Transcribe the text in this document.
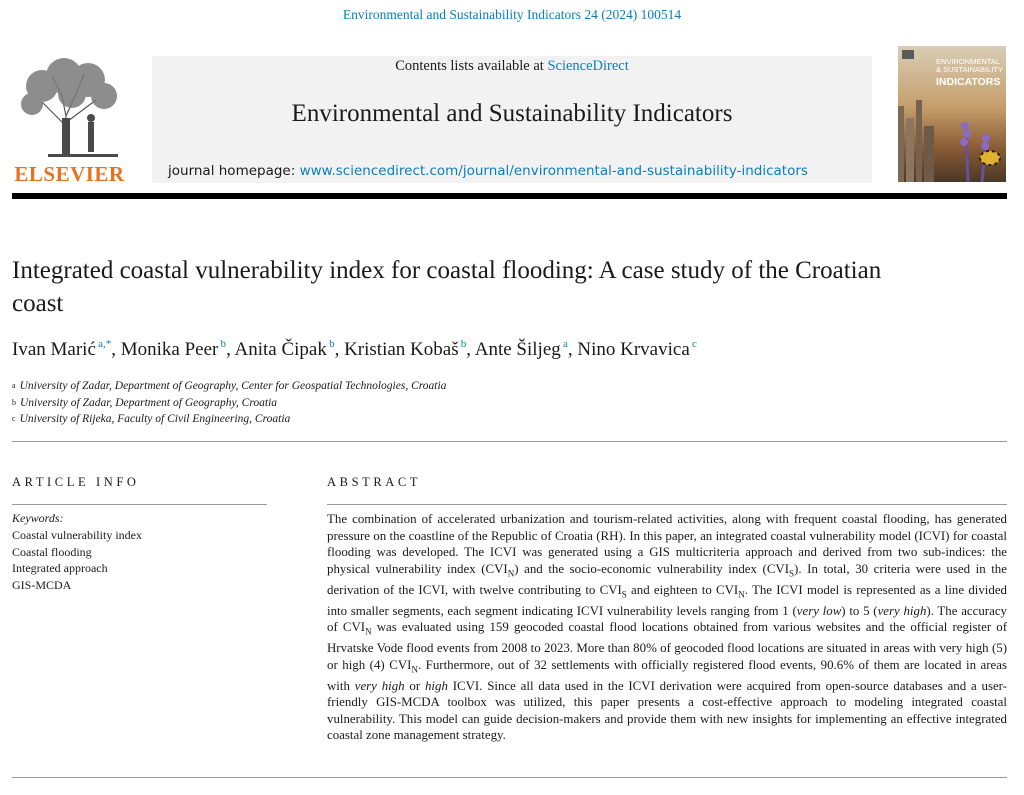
Environmental and Sustainability Indicators 24 (2024) 100514
ELSEVIER
Contents lists available at ScienceDirect
Environmental and Sustainability Indicators
journal homepage: www.sciencedirect.com/journal/environmental-and-sustainability-indicators
ENVIRONMENTAL & SUSTAINABILITY
INDICATORS
Integrated coastal vulnerability index for coastal flooding: A case study of the Croatian coast
Ivan Marić $^{a,*}$, Monika Peer $^b$, Anita Čipak $^b$, Kristian Kobaš $^b$, Ante Šiljeg $^a$, Nino Krvavica $^c$
$^a$ University of Zadar, Department of Geography, Center for Geospatial Technologies, Croatia
$^b$ University of Zadar, Department of Geography, Croatia
$^c$ University of Rijeka, Faculty of Civil Engineering, Croatia
ARTICLE INFO
Keywords:
Coastal vulnerability index
Coastal flooding
Integrated approach
GIS-MCDA
ABSTRACT
The combination of accelerated urbanization and tourism-related activities, along with frequent coastal flooding, has generated pressure on the coastline of the Republic of Croatia (RH). In this paper, an integrated coastal vulnerability model (ICVI) for coastal flooding was developed. The ICVI was generated using a GIS multicriteria approach and derived from two sub-indices: the physical vulnerability index $(CVI_N)$ and the socio-economic vulnerability index $(CVI_S)$. In total, 30 criteria were used in the derivation of the ICVI, with twelve contributing to $CVI_S$ and eighteen to $CVI_N$. The ICVI model is represented as a line divided into smaller segments, each segment indicating ICVI vulnerability levels ranging from 1 (very low) to 5 (very high). The accuracy of $CVI_N$ was evaluated using 159 geocoded coastal flood locations obtained from various websites and the official register of Hrvatske Vode flood events from 2008 to 2023. More than 80% of geocoded flood locations are situated in areas with very high (5) or high (4) $CVI_N$. Furthermore, out of 32 settlements with officially registered flood events, 90.6% of them are located in areas with very high or high ICVI. Since all data used in the ICVI derivation were acquired from open-source databases and a user-friendly GIS-MCDA toolbox was utilized, this paper presents a cost-effective approach to modeling integrated coastal vulnerability. This model can guide decision-makers and provide them with new insights for implementing an effective integrated coastal zone management strategy.
